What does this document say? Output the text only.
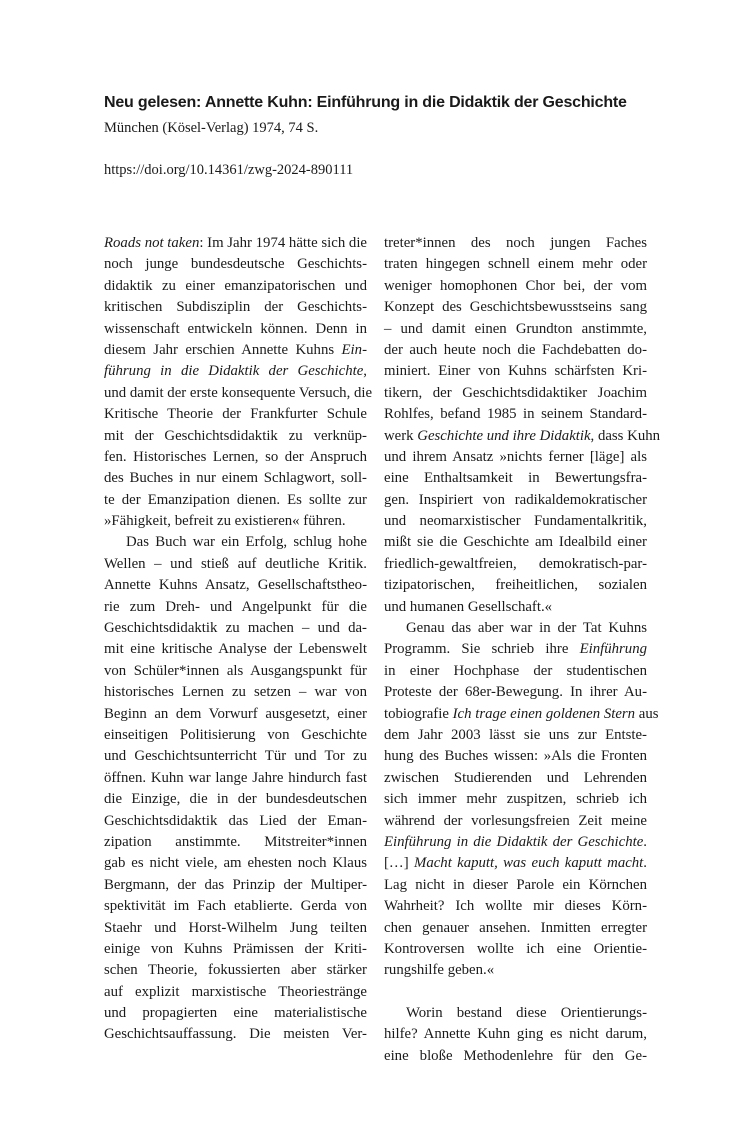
Neu gelesen: Annette Kuhn: Einführung in die Didaktik der Geschichte
München (Kösel-Verlag) 1974, 74 S.
https://doi.org/10.14361/zwg-2024-890111
Roads not taken: Im Jahr 1974 hätte sich die
noch junge bundesdeutsche Geschichts-
didaktik zu einer emanzipatorischen und
kritischen Subdisziplin der Geschichts-
wissenschaft entwickeln können. Denn in
diesem Jahr erschien Annette Kuhns Ein-
führung in die Didaktik der Geschichte,
und damit der erste konsequente Versuch, die
Kritische Theorie der Frankfurter Schule
mit der Geschichtsdidaktik zu verknüp-
fen. Historisches Lernen, so der Anspruch
des Buches in nur einem Schlagwort, soll-
te der Emanzipation dienen. Es sollte zur
»Fähigkeit, befreit zu existieren« führen.
Das Buch war ein Erfolg, schlug hohe
Wellen – und stieß auf deutliche Kritik.
Annette Kuhns Ansatz, Gesellschaftstheo-
rie zum Dreh- und Angelpunkt für die
Geschichtsdidaktik zu machen – und da-
mit eine kritische Analyse der Lebenswelt
von Schüler*innen als Ausgangspunkt für
historisches Lernen zu setzen – war von
Beginn an dem Vorwurf ausgesetzt, einer
einseitigen Politisierung von Geschichte
und Geschichtsunterricht Tür und Tor zu
öffnen. Kuhn war lange Jahre hindurch fast
die Einzige, die in der bundesdeutschen
Geschichtsdidaktik das Lied der Eman-
zipation anstimmte. Mitstreiter*innen
gab es nicht viele, am ehesten noch Klaus
Bergmann, der das Prinzip der Multiper-
spektivität im Fach etablierte. Gerda von
Staehr und Horst-Wilhelm Jung teilten
einige von Kuhns Prämissen der Kriti-
schen Theorie, fokussierten aber stärker
auf explizit marxistische Theoriestränge
und propagierten eine materialistische
Geschichtsauffassung. Die meisten Ver-
treter*innen des noch jungen Faches
traten hingegen schnell einem mehr oder
weniger homophonen Chor bei, der vom
Konzept des Geschichtsbewusstseins sang
– und damit einen Grundton anstimmte,
der auch heute noch die Fachdebatten do-
miniert. Einer von Kuhns schärfsten Kri-
tikern, der Geschichtsdidaktiker Joachim
Rohlfes, befand 1985 in seinem Standard-
werk Geschichte und ihre Didaktik, dass Kuhn
und ihrem Ansatz »nichts ferner [läge] als
eine Enthaltsamkeit in Bewertungsfra-
gen. Inspiriert von radikaldemokratischer
und neomarxistischer Fundamentalkritik,
mißt sie die Geschichte am Idealbild einer
friedlich-gewaltfreien, demokratisch-par-
tizipatorischen, freiheitlichen, sozialen
und humanen Gesellschaft.«
Genau das aber war in der Tat Kuhns
Programm. Sie schrieb ihre Einführung
in einer Hochphase der studentischen
Proteste der 68er-Bewegung. In ihrer Au-
tobiografie Ich trage einen goldenen Stern aus
dem Jahr 2003 lässt sie uns zur Entste-
hung des Buches wissen: »Als die Fronten
zwischen Studierenden und Lehrenden
sich immer mehr zuspitzen, schrieb ich
während der vorlesungsfreien Zeit meine
Einführung in die Didaktik der Geschichte.
[…] Macht kaputt, was euch kaputt macht.
Lag nicht in dieser Parole ein Körnchen
Wahrheit? Ich wollte mir dieses Körn-
chen genauer ansehen. Inmitten erregter
Kontroversen wollte ich eine Orientie-
rungshilfe geben.«

Worin bestand diese Orientierungs-
hilfe? Annette Kuhn ging es nicht darum,
eine bloße Methodenlehre für den Ge-
